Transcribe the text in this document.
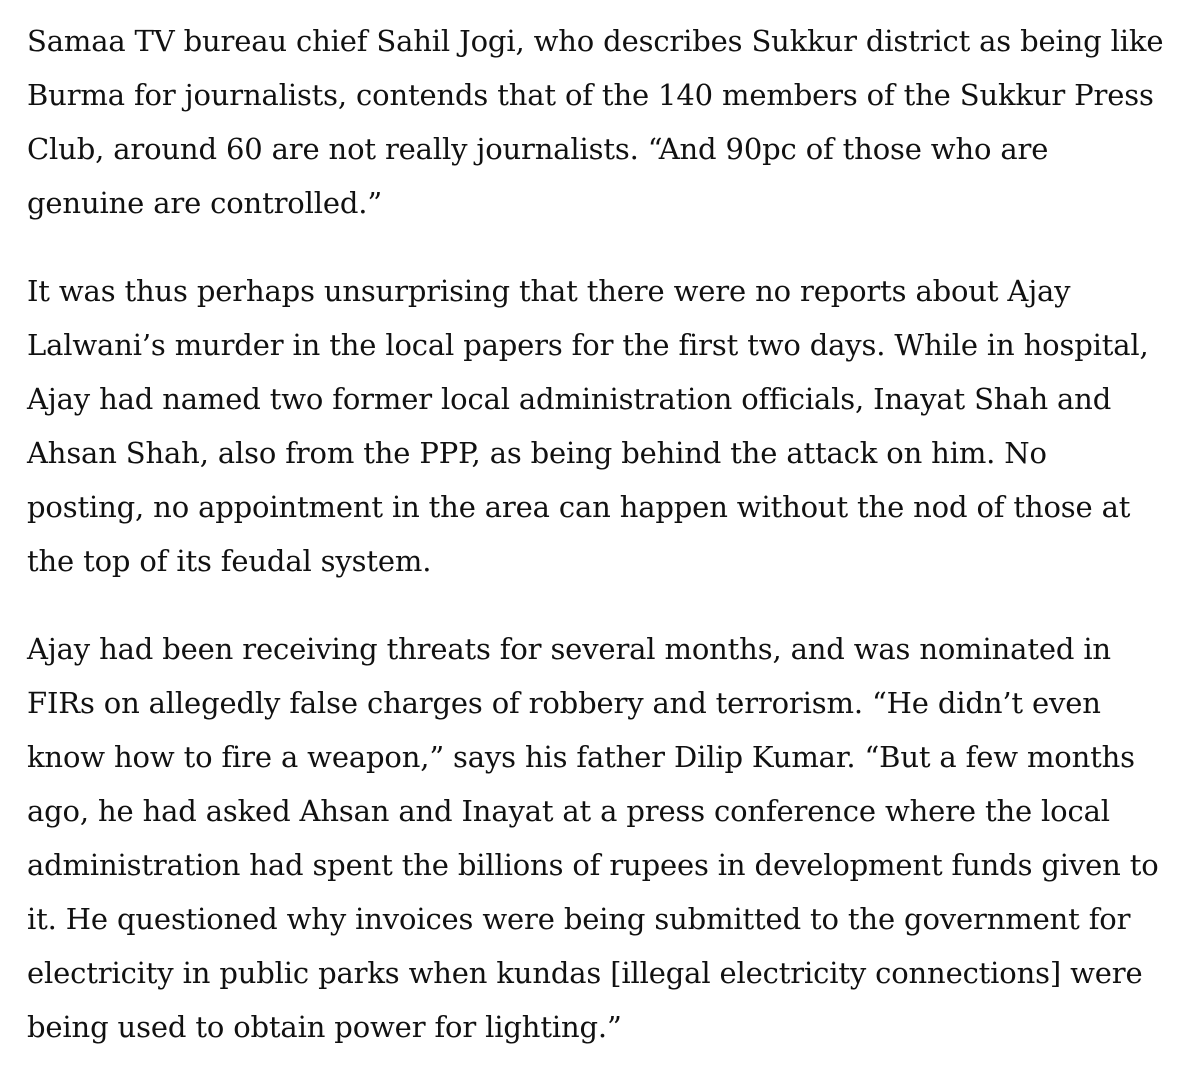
Samaa TV bureau chief Sahil Jogi, who describes Sukkur district as being like
Burma for journalists, contends that of the 140 members of the Sukkur Press
Club, around 60 are not really journalists. “And 90pc of those who are
genuine are controlled.”

It was thus perhaps unsurprising that there were no reports about Ajay
Lalwani’s murder in the local papers for the first two days. While in hospital,
Ajay had named two former local administration officials, Inayat Shah and
Ahsan Shah, also from the PPP, as being behind the attack on him. No
posting, no appointment in the area can happen without the nod of those at
the top of its feudal system.

Ajay had been receiving threats for several months, and was nominated in
FIRs on allegedly false charges of robbery and terrorism. “He didn’t even
know how to fire a weapon,” says his father Dilip Kumar. “But a few months
ago, he had asked Ahsan and Inayat at a press conference where the local
administration had spent the billions of rupees in development funds given to
it. He questioned why invoices were being submitted to the government for
electricity in public parks when kundas [illegal electricity connections] were
being used to obtain power for lighting.”
